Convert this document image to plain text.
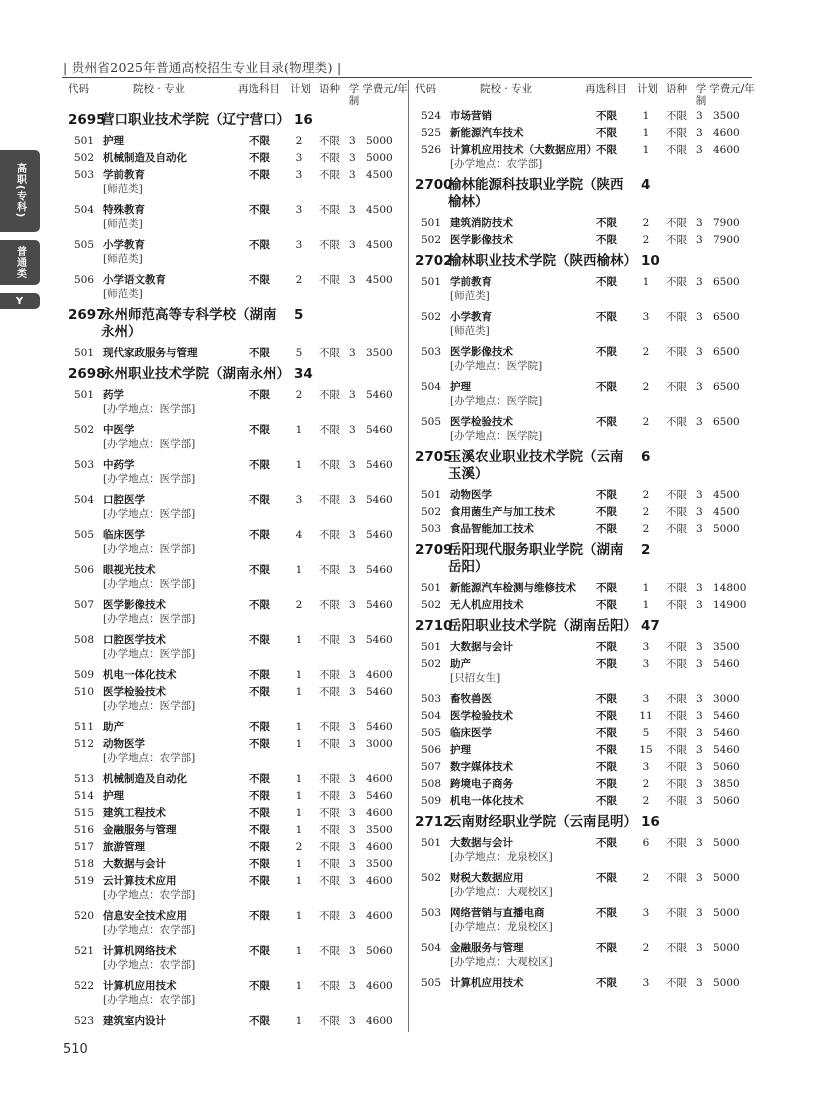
| 贵州省2025年普通高校招生专业目录(物理类) |
高职(专科)
普通类
Y
代码	院校 · 专业	再选科目 计划 语种 学制
学费元/年
2695
营口职业技术学院（辽宁营口） 16
501 护理	不限	2	不限 3 5000
502 机械制造及自动化	不限	3	不限 3 5000
503 学前教育
[师范类]
不限	3	不限 3 4500
504 特殊教育
[师范类]
不限	3	不限 3 4500
505 小学教育
[师范类]
不限	3	不限 3 4500
506 小学语文教育
[师范类]
不限	2	不限 3 4500
2697
永州师范高等专科学校（湖南永州）
5
501 现代家政服务与管理	不限	5	不限 3 3500
2698
永州职业技术学院（湖南永州） 34
501 药学
[办学地点：医学部]
不限	2	不限 3 5460
502 中医学
[办学地点：医学部]
不限	1	不限 3 5460
503 中药学
[办学地点：医学部]
不限	1	不限 3 5460
504 口腔医学
[办学地点：医学部]
不限	3	不限 3 5460
505 临床医学
[办学地点：医学部]
不限	4	不限 3 5460
506 眼视光技术
[办学地点：医学部]
不限	1	不限 3 5460
507 医学影像技术
[办学地点：医学部]
不限	2	不限 3 5460
508 口腔医学技术
[办学地点：医学部]
不限	1	不限 3 5460
509 机电一体化技术	不限	1	不限 3 4600
510 医学检验技术
[办学地点：医学部]
不限	1	不限 3 5460
511 助产	不限	1	不限 3 5460
512 动物医学
[办学地点：农学部]
不限	1	不限 3 3000
513 机械制造及自动化	不限	1	不限 3 4600
514 护理	不限	1	不限 3 5460
515 建筑工程技术	不限	1	不限 3 4600
516 金融服务与管理	不限	1	不限 3 3500
517 旅游管理	不限	2	不限 3 4600
518 大数据与会计	不限	1	不限 3 3500
519 云计算技术应用
[办学地点：农学部]
不限	1	不限 3 4600
520 信息安全技术应用
[办学地点：农学部]
不限	1	不限 3 4600
521 计算机网络技术
[办学地点：农学部]
不限	1	不限 3 5060
522 计算机应用技术
[办学地点：农学部]
不限	1	不限 3 4600
523 建筑室内设计	不限	1	不限 3 4600
代码	院校 · 专业	再选科目 计划 语种 学制
学费元/年
524 市场营销	不限	1	不限 3 3500
525 新能源汽车技术	不限	1	不限 3 4600
526 计算机应用技术（大数据应用）
[办学地点：农学部]
不限	1	不限 3 4600
2700
榆林能源科技职业学院（陕西榆林）
4
501 建筑消防技术	不限	2	不限 3 7900
502 医学影像技术	不限	2	不限 3 7900
2702
榆林职业技术学院（陕西榆林） 10
501 学前教育
[师范类]
不限	1	不限 3 6500
502 小学教育
[师范类]
不限	3	不限 3 6500
503 医学影像技术
[办学地点：医学院]
不限	2	不限 3 6500
504 护理
[办学地点：医学院]
不限	2	不限 3 6500
505 医学检验技术
[办学地点：医学院]
不限	2	不限 3 6500
2705
玉溪农业职业技术学院（云南玉溪）
6
501 动物医学	不限	2	不限 3 4500
502 食用菌生产与加工技术	不限	2	不限 3 4500
503 食品智能加工技术	不限	2	不限 3 5000
2709
岳阳现代服务职业学院（湖南岳阳）
2
501 新能源汽车检测与维修技术	不限	1	不限 3 14800
502 无人机应用技术	不限	1	不限 3 14900
2710
岳阳职业技术学院（湖南岳阳） 47
501 大数据与会计	不限	3	不限 3 3500
502 助产
[只招女生]
不限	3	不限 3 5460
503 畜牧兽医	不限	3	不限 3 3000
504 医学检验技术	不限 11 不限 3 5460
505 临床医学	不限	5	不限 3 5460
506 护理	不限 15 不限 3 5460
507 数字媒体技术	不限	3	不限 3 5060
508 跨境电子商务	不限	2	不限 3 3850
509 机电一体化技术	不限	2	不限 3 5060
2712
云南财经职业学院（云南昆明） 16
501 大数据与会计
[办学地点：龙泉校区]
不限	6	不限 3 5000
502 财税大数据应用
[办学地点：大观校区]
不限	2	不限 3 5000
503 网络营销与直播电商
[办学地点：龙泉校区]
不限	3	不限 3 5000
504 金融服务与管理
[办学地点：大观校区]
不限	2	不限 3 5000
505 计算机应用技术	不限	3	不限 3 5000
510
